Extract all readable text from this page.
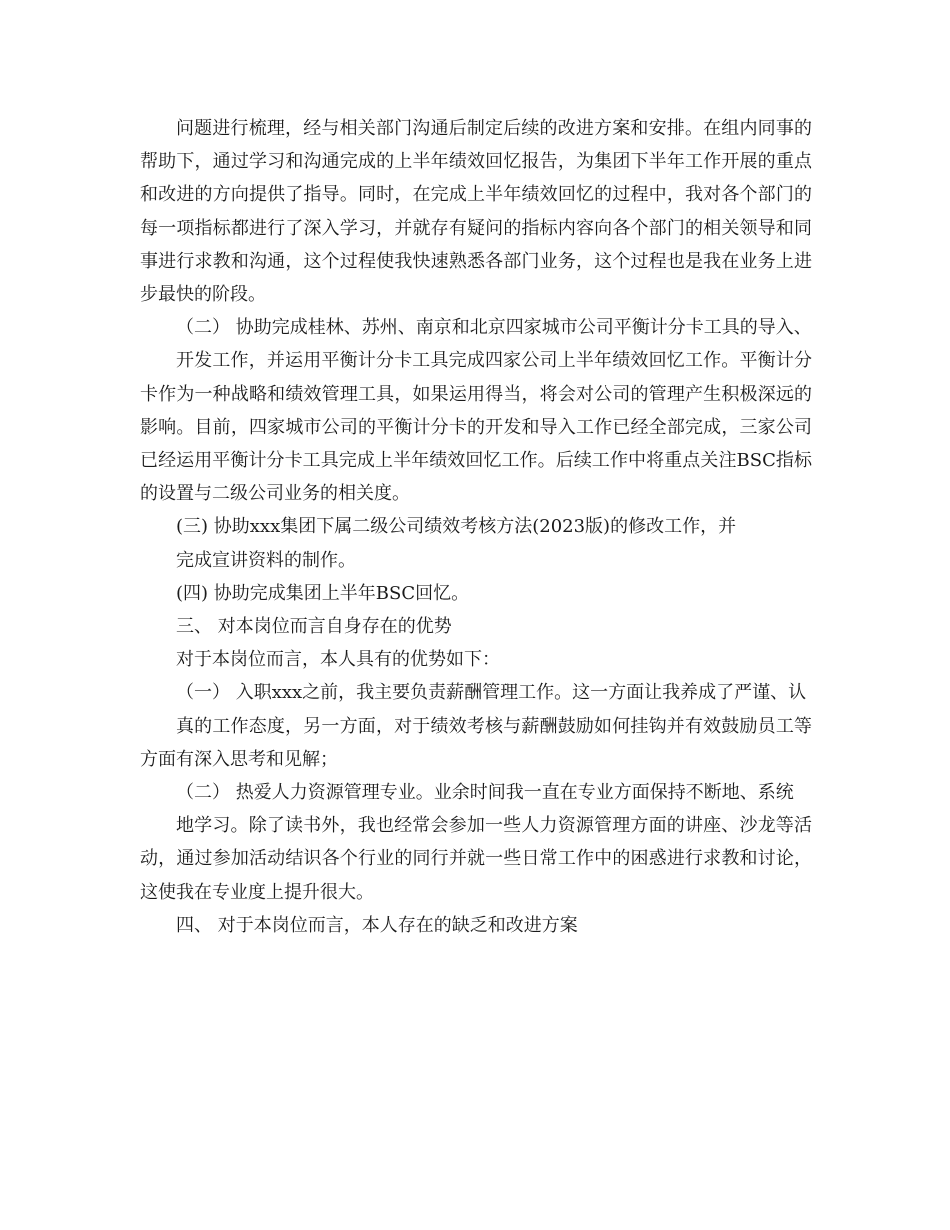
问题进行梳理，经与相关部门沟通后制定后续的改进方案和安排。在组内同事的帮助下，通过学习和沟通完成的上半年绩效回忆报告，为集团下半年工作开展的重点和改进的方向提供了指导。同时，在完成上半年绩效回忆的过程中，我对各个部门的每一项指标都进行了深入学习，并就存有疑问的指标内容向各个部门的相关领导和同事进行求教和沟通，这个过程使我快速熟悉各部门业务，这个过程也是我在业务上进步最快的阶段。

（二） 协助完成桂林、苏州、南京和北京四家城市公司平衡计分卡工具的导入、

开发工作，并运用平衡计分卡工具完成四家公司上半年绩效回忆工作。平衡计分卡作为一种战略和绩效管理工具，如果运用得当，将会对公司的管理产生积极深远的影响。目前，四家城市公司的平衡计分卡的开发和导入工作已经全部完成，三家公司已经运用平衡计分卡工具完成上半年绩效回忆工作。后续工作中将重点关注BSC指标的设置与二级公司业务的相关度。

(三) 协助xxx集团下属二级公司绩效考核方法(2023版)的修改工作，并

完成宣讲资料的制作。

(四) 协助完成集团上半年BSC回忆。

三、 对本岗位而言自身存在的优势

对于本岗位而言，本人具有的优势如下：

（一） 入职xxx之前，我主要负责薪酬管理工作。这一方面让我养成了严谨、认

真的工作态度，另一方面，对于绩效考核与薪酬鼓励如何挂钩并有效鼓励员工等方面有深入思考和见解；

（二） 热爱人力资源管理专业。业余时间我一直在专业方面保持不断地、系统

地学习。除了读书外，我也经常会参加一些人力资源管理方面的讲座、沙龙等活动，通过参加活动结识各个行业的同行并就一些日常工作中的困惑进行求教和讨论，这使我在专业度上提升很大。

四、 对于本岗位而言，本人存在的缺乏和改进方案
